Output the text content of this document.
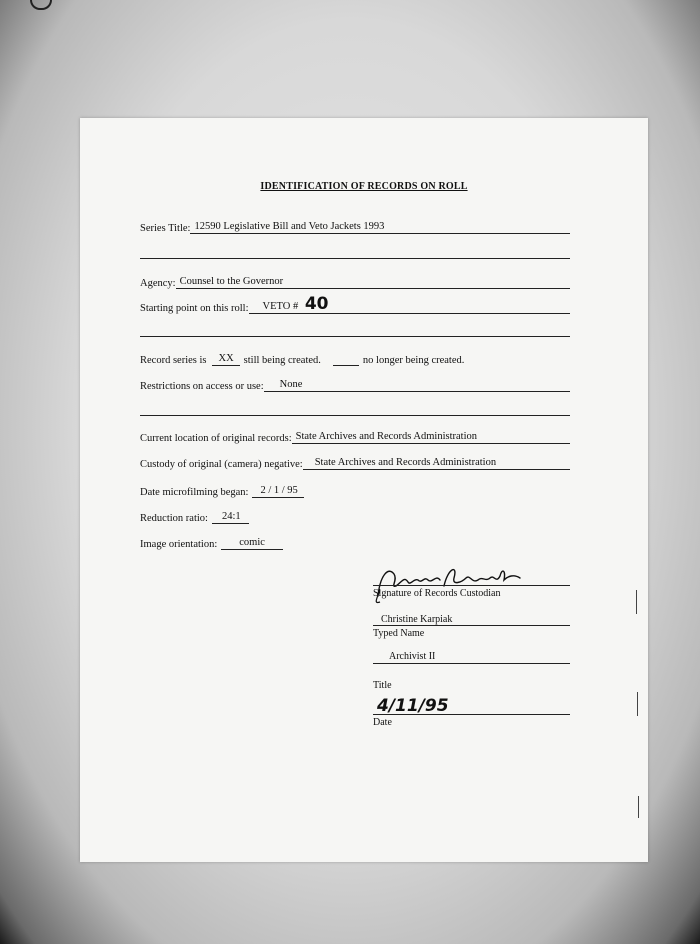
IDENTIFICATION OF RECORDS ON ROLL
Series Title: 12590 Legislative Bill and Veto Jackets 1993
Agency: Counsel to the Governor
Starting point on this roll:	VETO # 40
Record series is	XX still being created.	no longer being created.
Restrictions on access or use:	None
Current location of original records: State Archives and Records Administration
Custody of original (camera) negative:	State Archives and Records Administration
Date microfilming began:	2 / 1 / 95
Reduction ratio:	24:1
Image orientation:	comic
Signature of Records Custodian
Christine Karpiak
Typed Name
Archivist II
Title
4/11/95
Date
